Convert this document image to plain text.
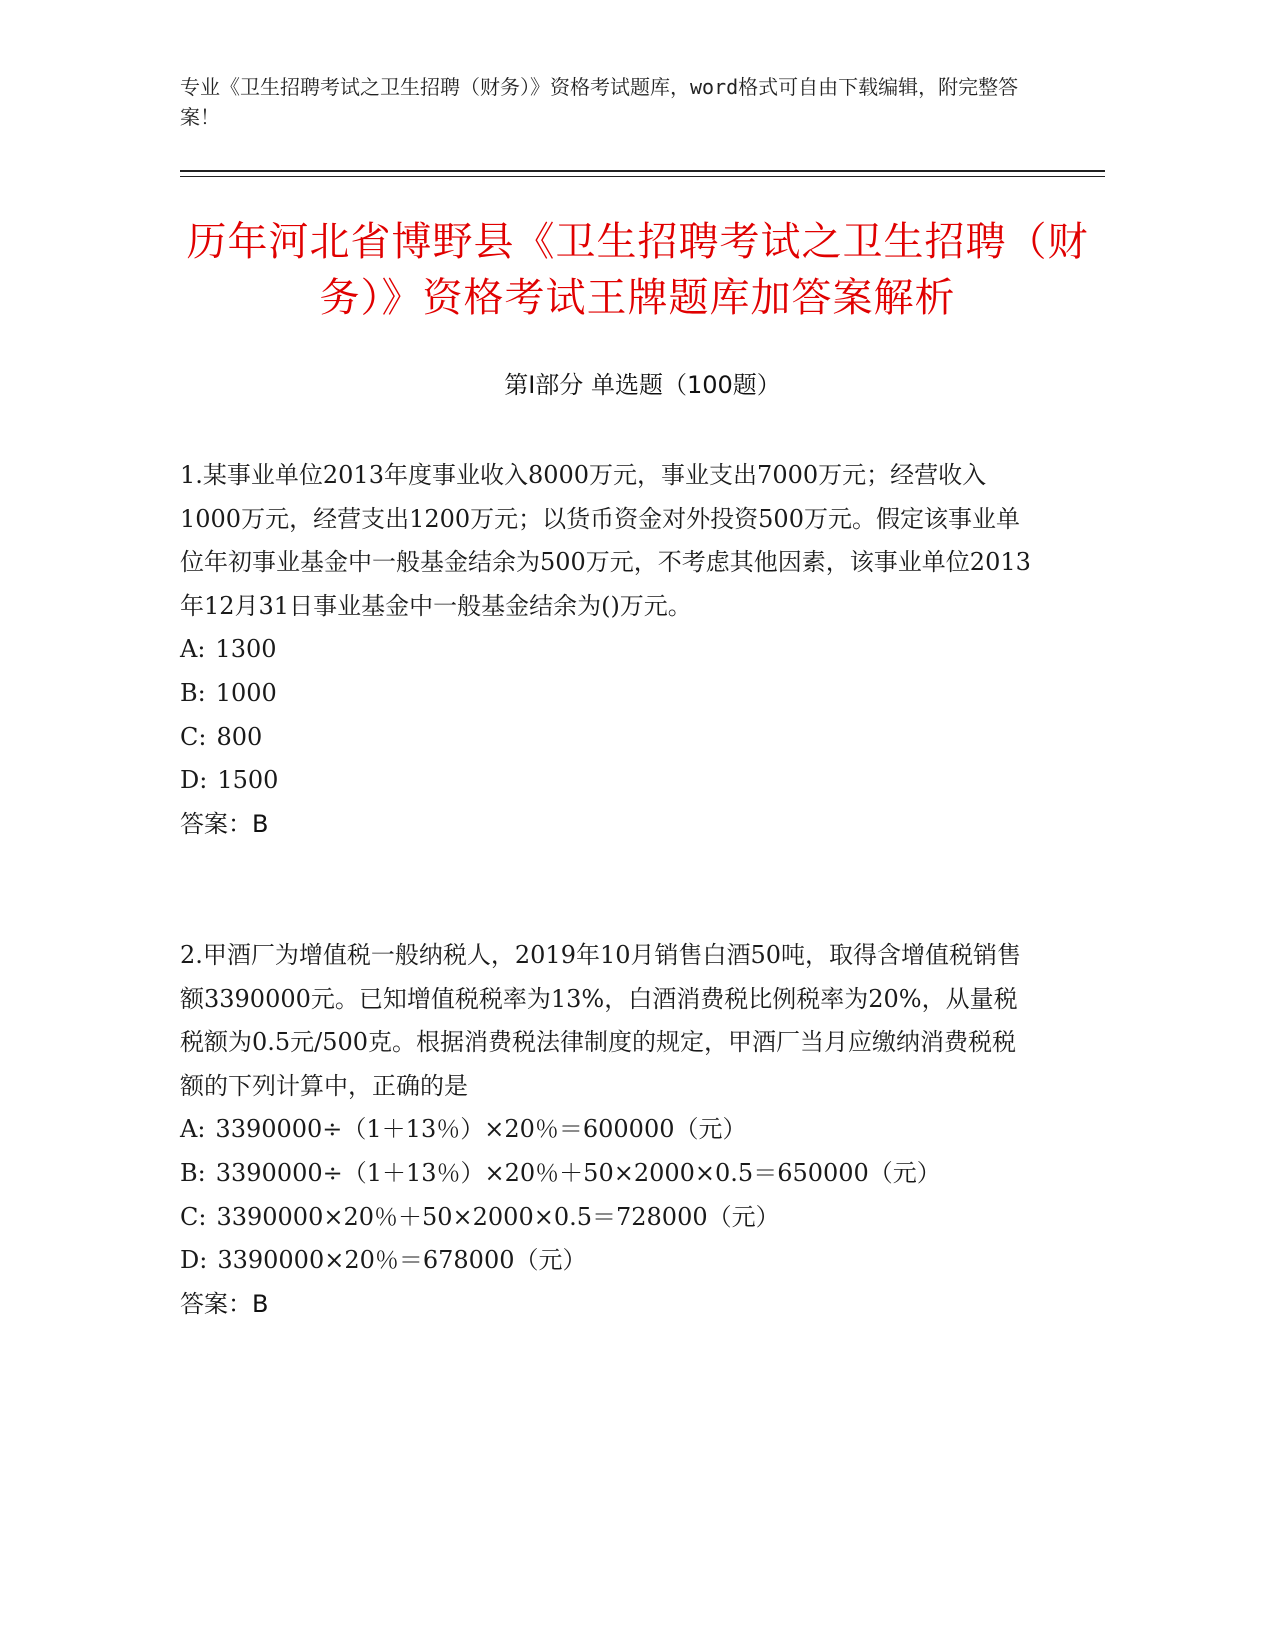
专业《卫生招聘考试之卫生招聘（财务）》资格考试题库，word格式可自由下载编辑，附完整答案！
历年河北省博野县《卫生招聘考试之卫生招聘（财务）》资格考试王牌题库加答案解析
第Ⅰ部分 单选题（100题）

1.某事业单位2013年度事业收入8000万元，事业支出7000万元；经营收入1000万元，经营支出1200万元；以货币资金对外投资500万元。假定该事业单位年初事业基金中一般基金结余为500万元，不考虑其他因素，该事业单位2013年12月31日事业基金中一般基金结余为()万元。

A: 1300
B: 1000
C: 800
D: 1500
答案：B

2.甲酒厂为增值税一般纳税人，2019年10月销售白酒50吨，取得含增值税销售额3390000元。已知增值税税率为13%，白酒消费税比例税率为20%，从量税税额为0.5元/500克。根据消费税法律制度的规定，甲酒厂当月应缴纳消费税税额的下列计算中，正确的是

A: 3390000÷（1＋13％）×20％＝600000（元）
B: 3390000÷（1＋13％）×20％＋50×2000×0.5＝650000（元）
C: 3390000×20％＋50×2000×0.5＝728000（元）
D: 3390000×20％＝678000（元）
答案：B
